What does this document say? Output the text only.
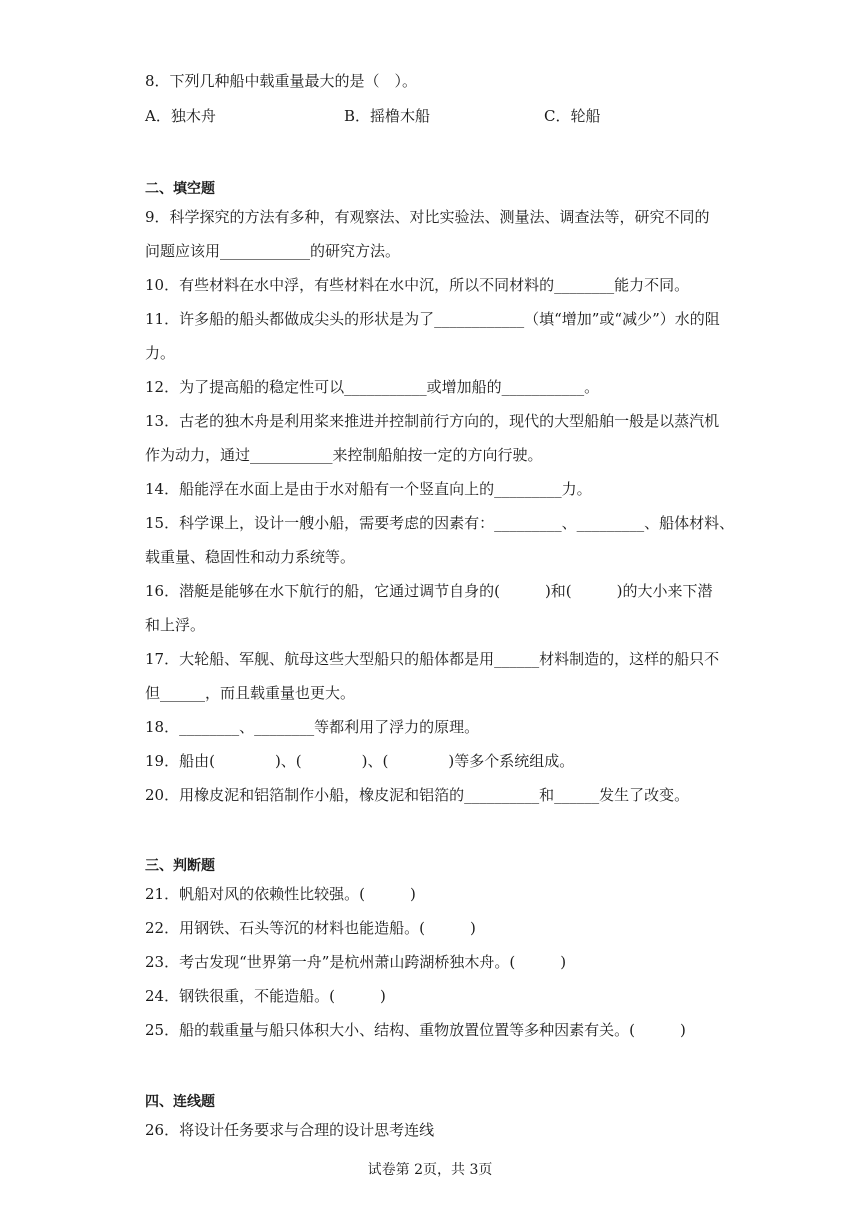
8．下列几种船中载重量最大的是（　）。
A．独木舟	B．摇橹木船	C．轮船
二、填空题
9．科学探究的方法有多种，有观察法、对比实验法、测量法、调查法等，研究不同的
问题应该用____________的研究方法。
10．有些材料在水中浮，有些材料在水中沉，所以不同材料的________能力不同。
11．许多船的船头都做成尖头的形状是为了____________（填“增加”或“减少”）水的阻
力。
12．为了提高船的稳定性可以___________或增加船的___________。
13．古老的独木舟是利用桨来推进并控制前行方向的，现代的大型船舶一般是以蒸汽机
作为动力，通过___________来控制船舶按一定的方向行驶。
14．船能浮在水面上是由于水对船有一个竖直向上的_________力。
15．科学课上，设计一艘小船，需要考虑的因素有：_________、_________、船体材料、
载重量、稳固性和动力系统等。
16．潜艇是能够在水下航行的船，它通过调节自身的(　　　)和(　　　)的大小来下潜
和上浮。
17．大轮船、军舰、航母这些大型船只的船体都是用______材料制造的，这样的船只不
但______，而且载重量也更大。
18．________、________等都利用了浮力的原理。
19．船由(　　　　)、(　　　　)、(　　　　)等多个系统组成。
20．用橡皮泥和铝箔制作小船，橡皮泥和铝箔的__________和______发生了改变。
三、判断题
21．帆船对风的依赖性比较强。(　　　)
22．用钢铁、石头等沉的材料也能造船。(　　　)
23．考古发现“世界第一舟”是杭州萧山跨湖桥独木舟。(　　　)
24．钢铁很重，不能造船。(　　　)
25．船的载重量与船只体积大小、结构、重物放置位置等多种因素有关。(　　　)
四、连线题
26．将设计任务要求与合理的设计思考连线
试卷第 2页，共 3页
